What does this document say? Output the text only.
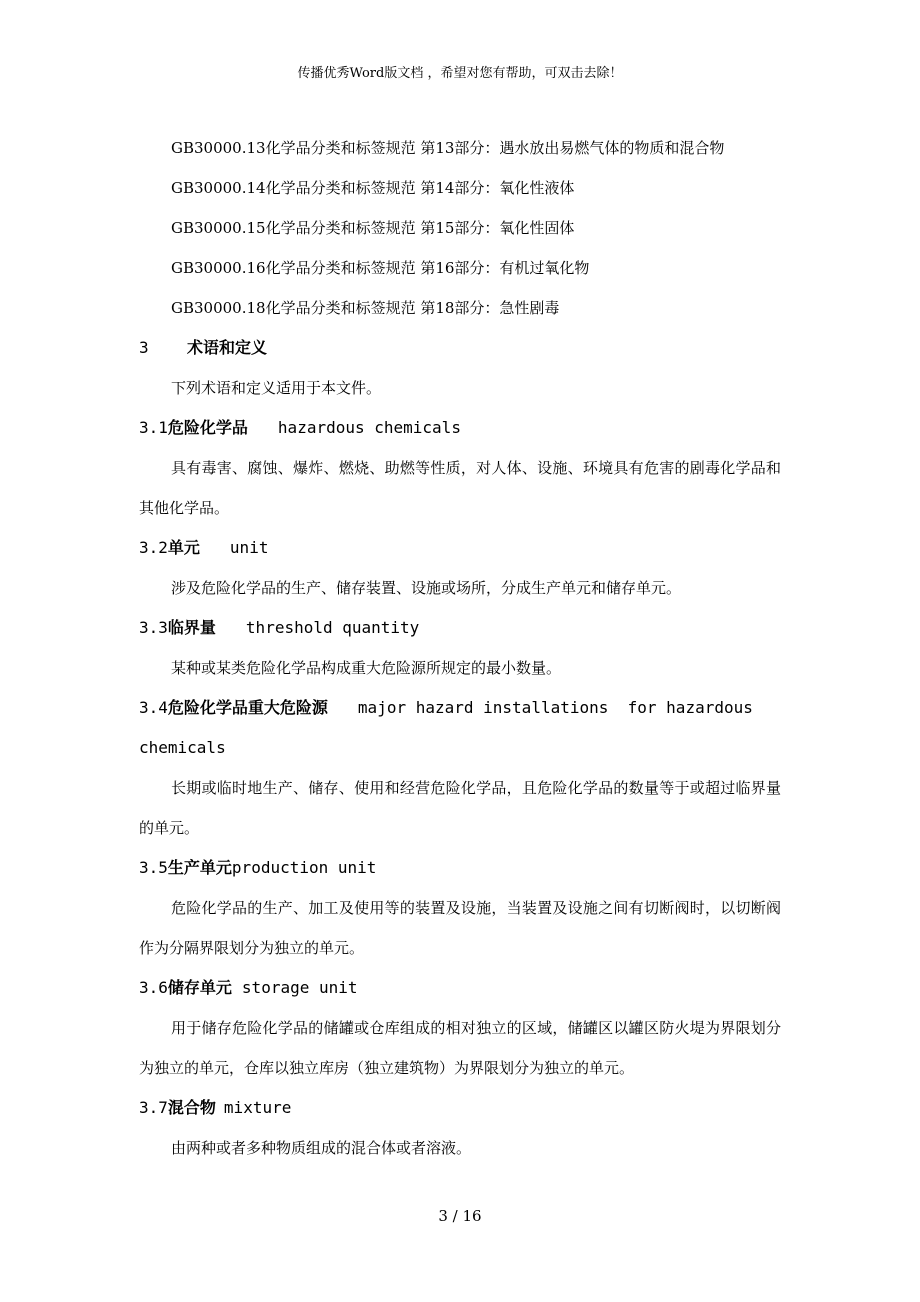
传播优秀Word版文档 ，希望对您有帮助，可双击去除！
GB30000.13化学品分类和标签规范 第13部分：遇水放出易燃气体的物质和混合物
GB30000.14化学品分类和标签规范 第14部分：氧化性液体
GB30000.15化学品分类和标签规范 第15部分：氧化性固体
GB30000.16化学品分类和标签规范 第16部分：有机过氧化物
GB30000.18化学品分类和标签规范 第18部分：急性剧毒
3 术语和定义
下列术语和定义适用于本文件。
3.1危险化学品 hazardous chemicals
具有毒害、腐蚀、爆炸、燃烧、助燃等性质，对人体、设施、环境具有危害的剧毒化学品和其他化学品。
3.2单元 unit
涉及危险化学品的生产、储存装置、设施或场所，分成生产单元和储存单元。
3.3临界量 threshold quantity
某种或某类危险化学品构成重大危险源所规定的最小数量。
3.4危险化学品重大危险源 major hazard installations  for hazardous chemicals
长期或临时地生产、储存、使用和经营危险化学品，且危险化学品的数量等于或超过临界量的单元。
3.5生产单元production unit
危险化学品的生产、加工及使用等的装置及设施，当装置及设施之间有切断阀时，以切断阀作为分隔界限划分为独立的单元。
3.6储存单元 storage unit
用于储存危险化学品的储罐或仓库组成的相对独立的区域，储罐区以罐区防火堤为界限划分为独立的单元，仓库以独立库房（独立建筑物）为界限划分为独立的单元。
3.7混合物 mixture
由两种或者多种物质组成的混合体或者溶液。
3 / 16
